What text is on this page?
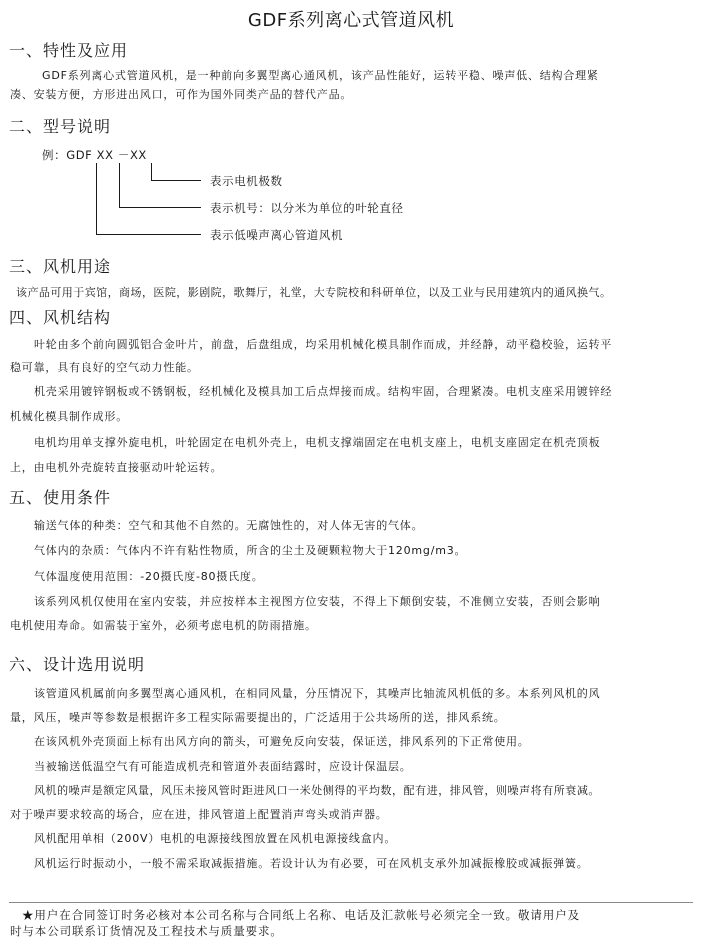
GDF系列离心式管道风机
一、特性及应用
GDF系列离心式管道风机，是一种前向多翼型离心通风机，该产品性能好，运转平稳、噪声低、结构合理紧
凑、安装方便，方形进出风口，可作为国外同类产品的替代产品。
二、型号说明
例：GDF XX －XX
表示电机极数
表示机号：以分米为单位的叶轮直径
表示低噪声离心管道风机
三、风机用途
该产品可用于宾馆，商场，医院，影剧院，歌舞厅，礼堂，大专院校和科研单位，以及工业与民用建筑内的通风换气。
四、风机结构
叶轮由多个前向圆弧铝合金叶片，前盘，后盘组成，均采用机械化模具制作而成，并经静，动平稳校验，运转平
稳可靠，具有良好的空气动力性能。
机壳采用镀锌钢板或不锈钢板，经机械化及模具加工后点焊接而成。结构牢固，合理紧凑。电机支座采用镀锌经
机械化模具制作成形。
电机均用单支撑外旋电机，叶轮固定在电机外壳上，电机支撑端固定在电机支座上，电机支座固定在机壳顶板
上，由电机外壳旋转直接驱动叶轮运转。
五、使用条件
输送气体的种类：空气和其他不自然的。无腐蚀性的，对人体无害的气体。
气体内的杂质：气体内不许有粘性物质，所含的尘土及硬颗粒物大于120mg/m3。
气体温度使用范围：-20摄氏度-80摄氏度。
该系列风机仅使用在室内安装，并应按样本主视图方位安装，不得上下颠倒安装，不准侧立安装，否则会影响
电机使用寿命。如需装于室外，必须考虑电机的防雨措施。
六、设计选用说明
该管道风机属前向多翼型离心通风机，在相同风量，分压情况下，其噪声比轴流风机低的多。本系列风机的风
量，风压，噪声等参数是根据许多工程实际需要提出的，广泛适用于公共场所的送，排风系统。
在该风机外壳顶面上标有出风方向的箭头，可避免反向安装，保证送，排风系列的下正常使用。
当被输送低温空气有可能造成机壳和管道外表面结露时，应设计保温层。
风机的噪声是额定风量，风压未接风管时距进风口一米处侧得的平均数，配有进，排风管，则噪声将有所衰减。
对于噪声要求较高的场合，应在进，排风管道上配置消声弯头或消声器。
风机配用单相（200V）电机的电源接线图放置在风机电源接线盒内。
风机运行时振动小，一般不需采取减振措施。若设计认为有必要，可在风机支承外加减振橡胶或减振弹簧。
★用户在合同签订时务必核对本公司名称与合同纸上名称、电话及汇款帐号必须完全一致。敬请用户及
时与本公司联系订货情况及工程技术与质量要求。
